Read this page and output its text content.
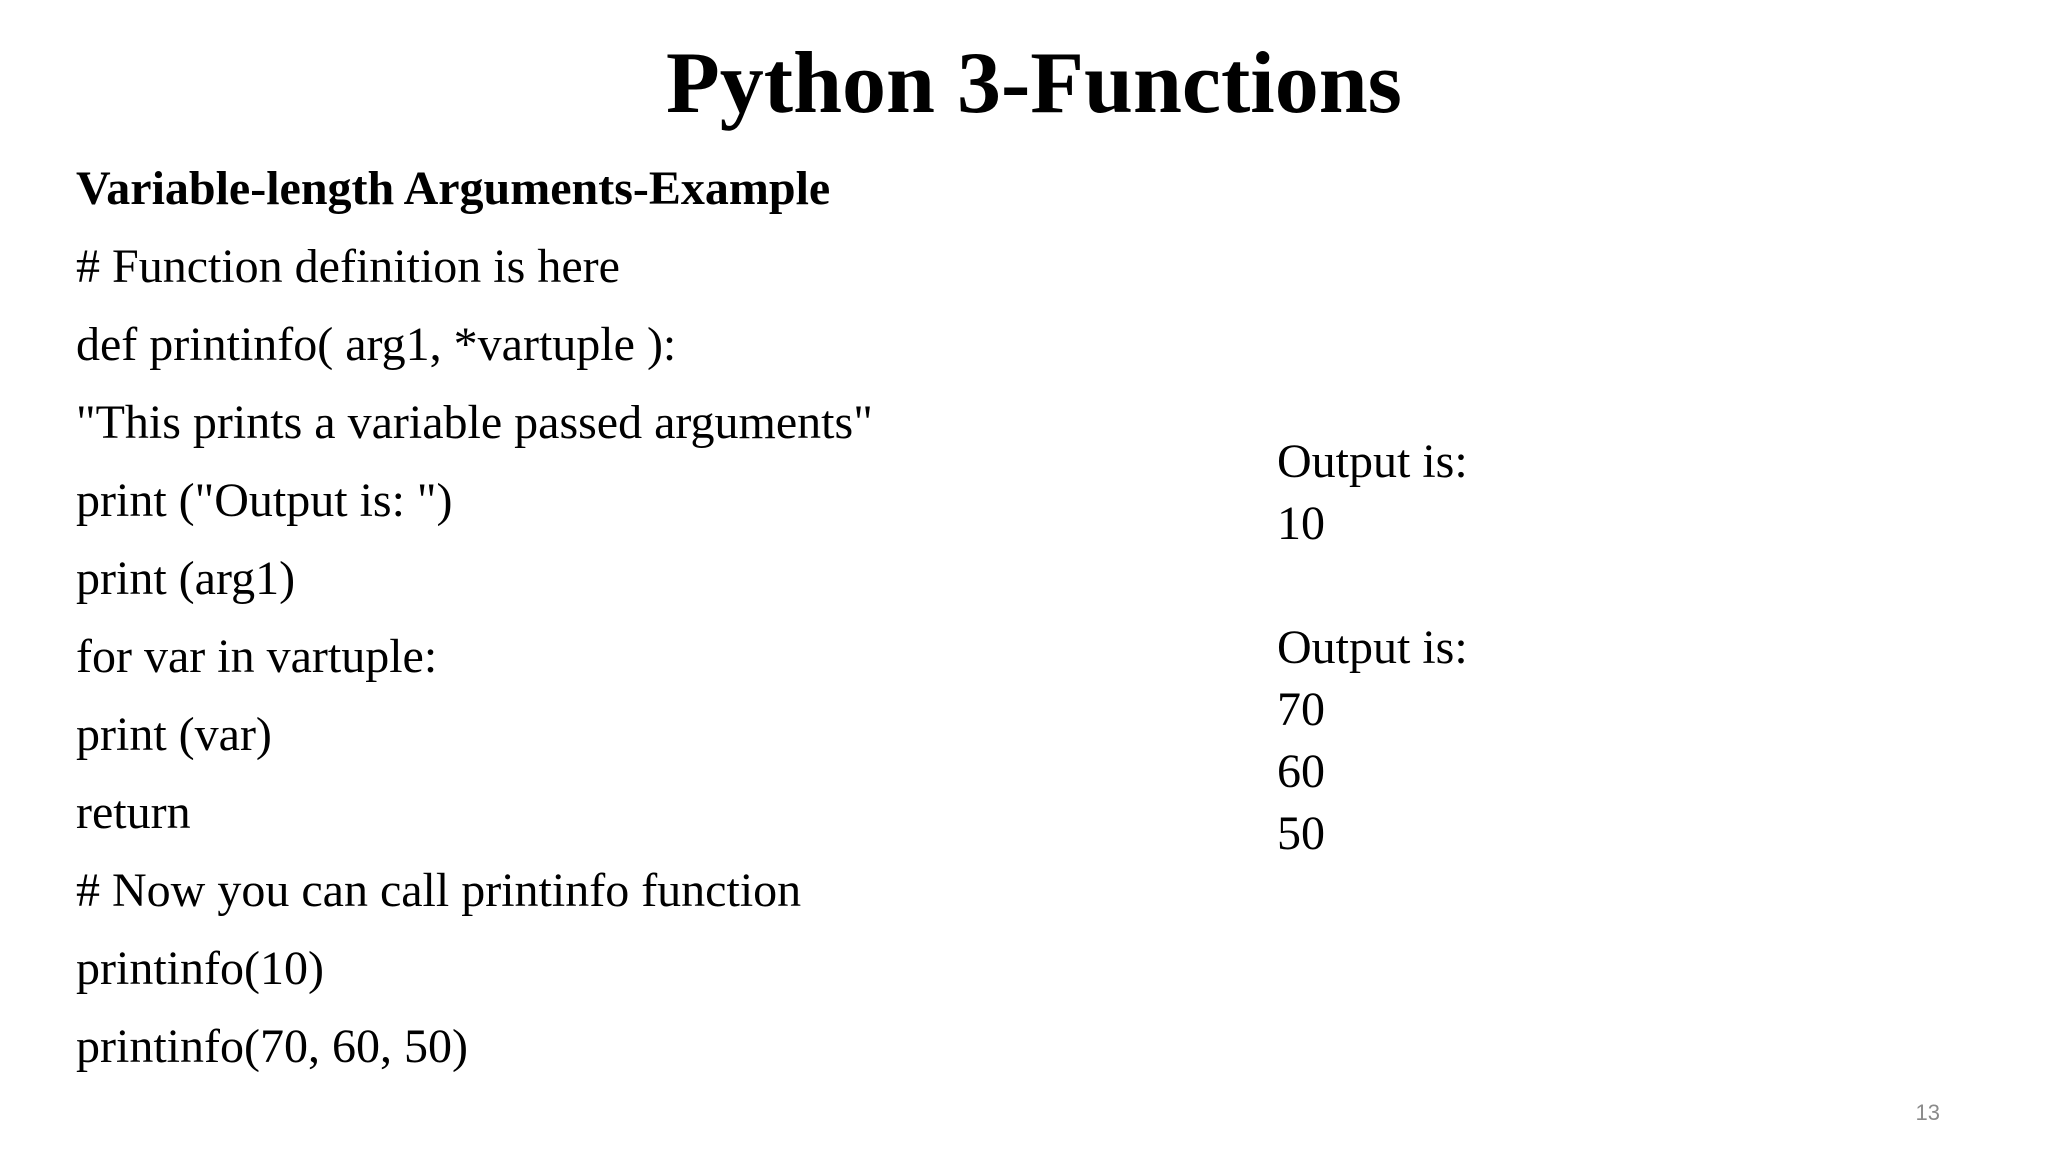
Python 3-Functions
Variable-length Arguments-Example
# Function definition is here
def printinfo( arg1, *vartuple ):
"This prints a variable passed arguments"
print ("Output is: ")
print (arg1)
for var in vartuple:
print (var)
return
# Now you can call printinfo function
printinfo(10)
printinfo(70, 60, 50)
Output is:
10
Output is:
70
60
50
13
